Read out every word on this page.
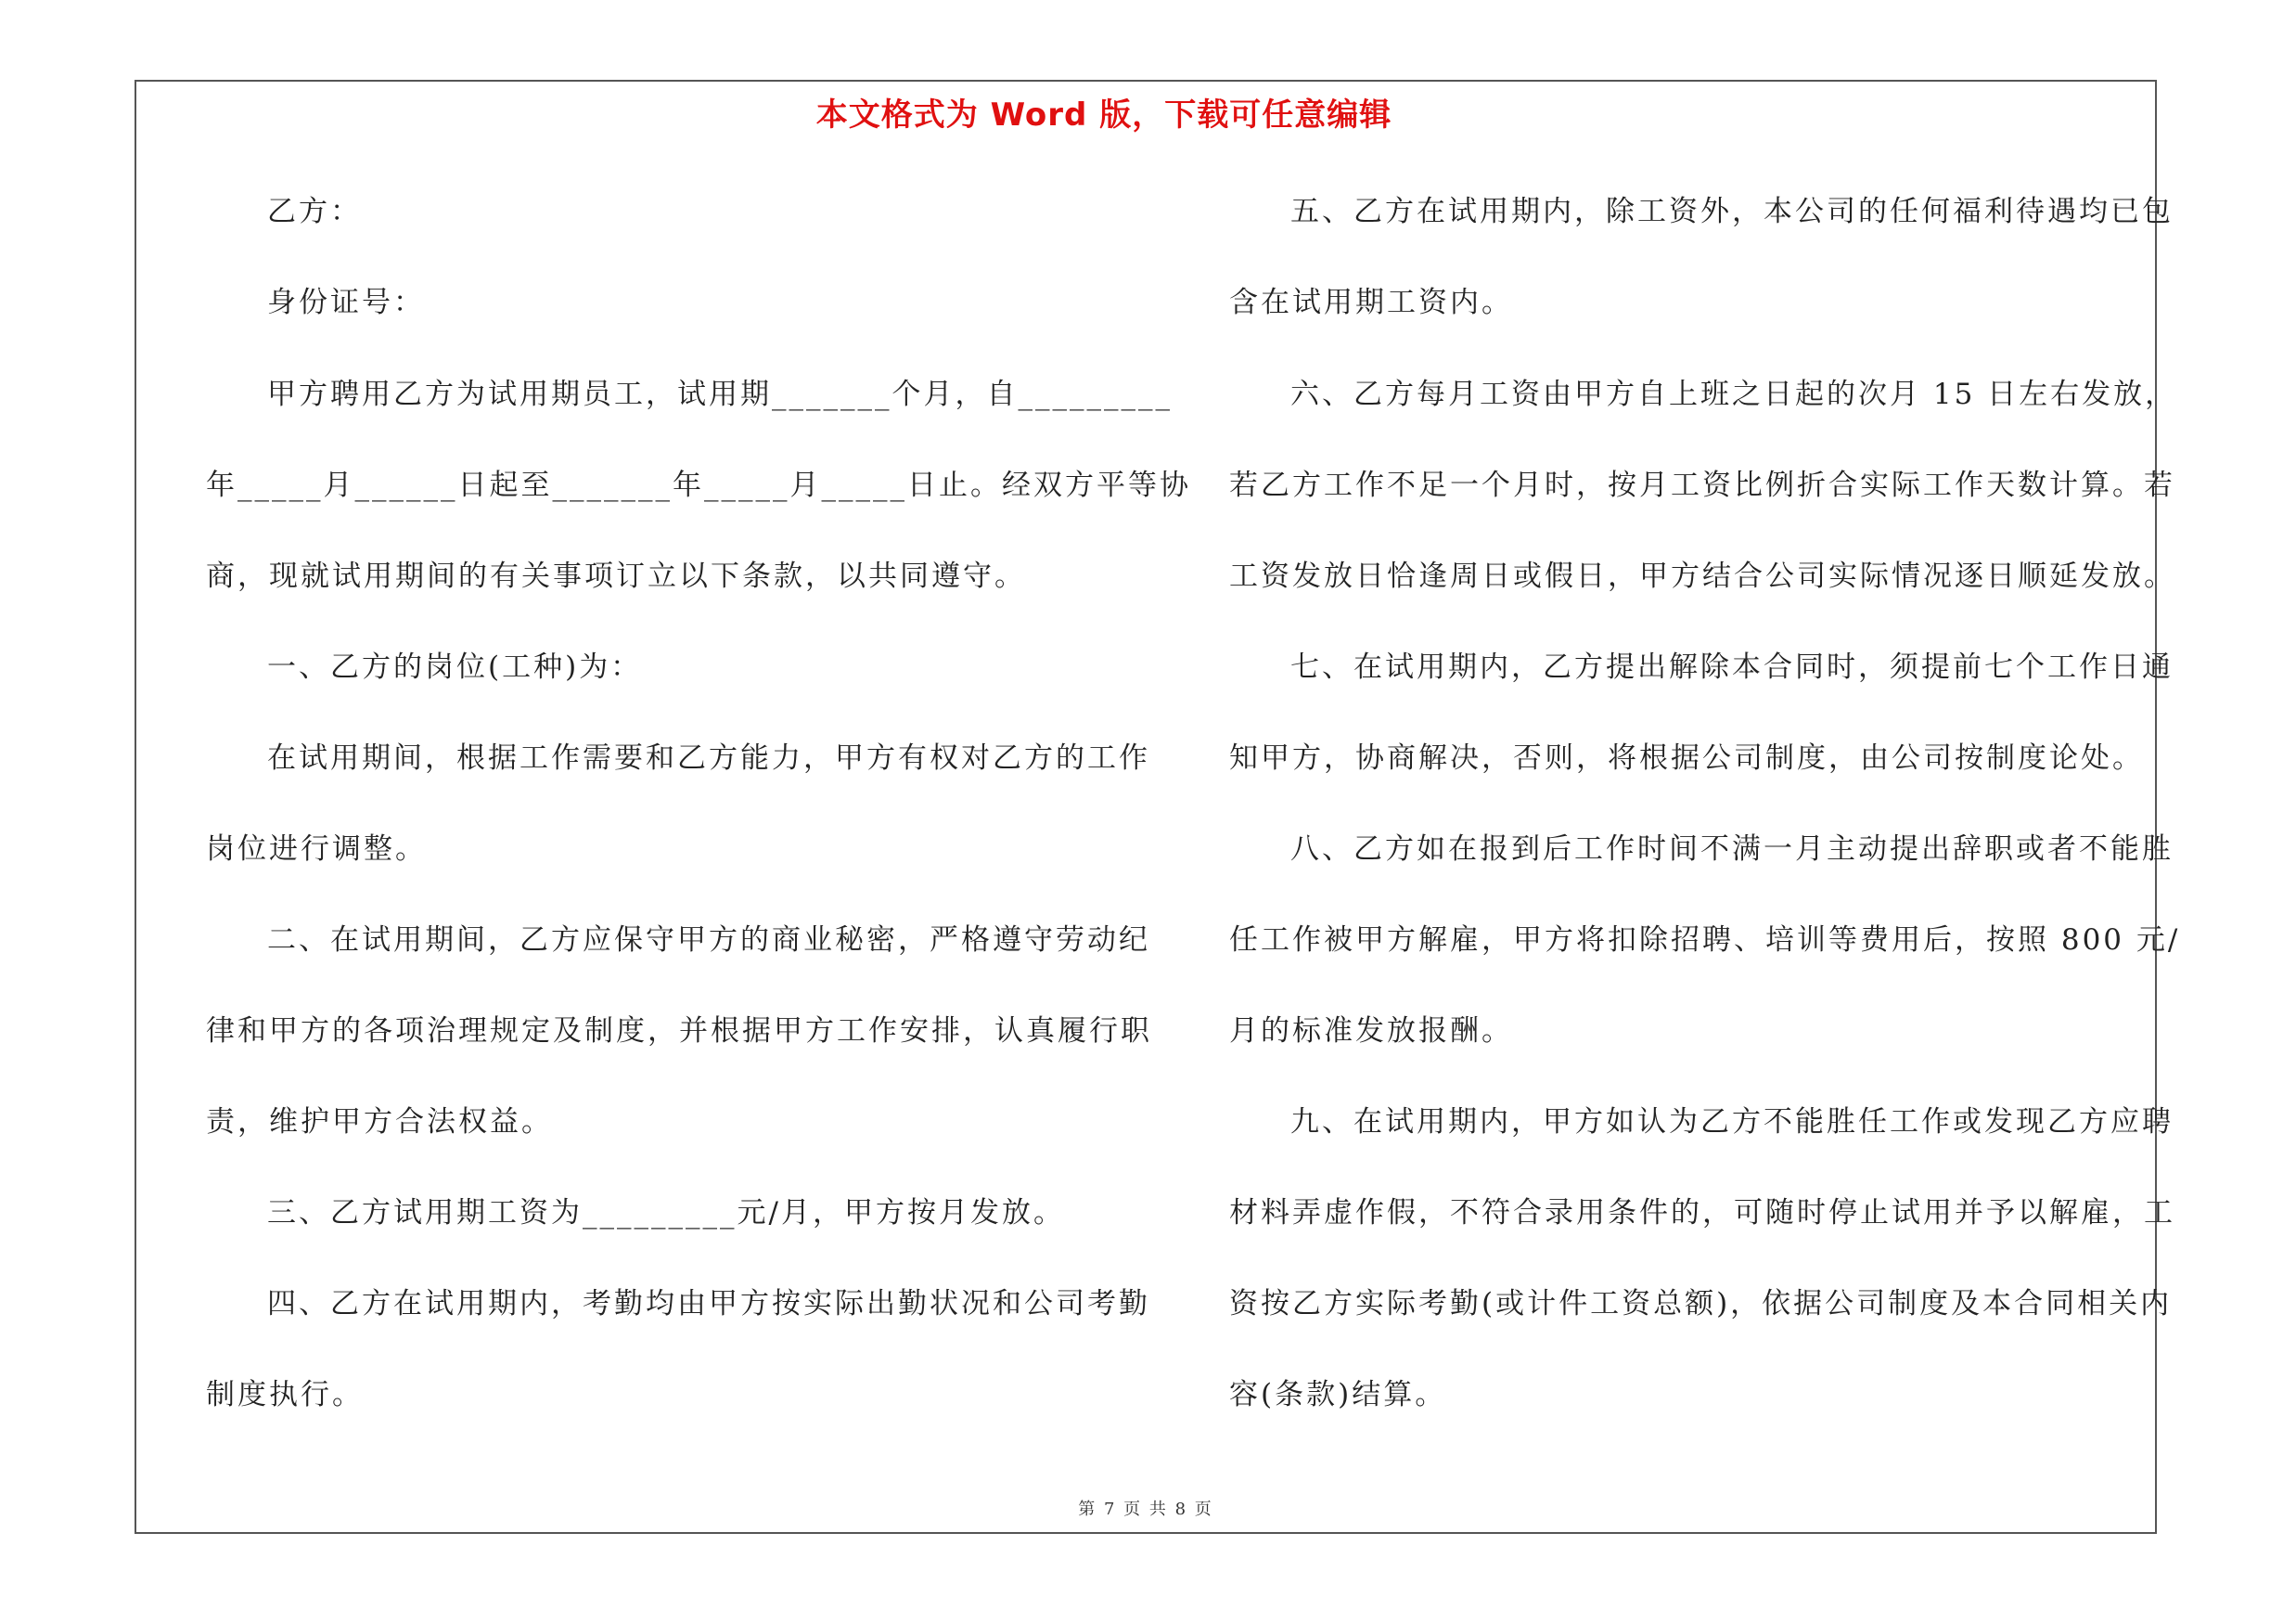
本文格式为 Word 版，下载可任意编辑
乙方：
身份证号：
甲方聘用乙方为试用期员工，试用期_______个月，自_________
年_____月______日起至_______年_____月_____日止。经双方平等协
商，现就试用期间的有关事项订立以下条款，以共同遵守。
一、乙方的岗位(工种)为：
在试用期间，根据工作需要和乙方能力，甲方有权对乙方的工作
岗位进行调整。
二、在试用期间，乙方应保守甲方的商业秘密，严格遵守劳动纪
律和甲方的各项治理规定及制度，并根据甲方工作安排，认真履行职
责，维护甲方合法权益。
三、乙方试用期工资为_________元/月，甲方按月发放。
四、乙方在试用期内，考勤均由甲方按实际出勤状况和公司考勤
制度执行。
五、乙方在试用期内，除工资外，本公司的任何福利待遇均已包
含在试用期工资内。
六、乙方每月工资由甲方自上班之日起的次月 15 日左右发放，
若乙方工作不足一个月时，按月工资比例折合实际工作天数计算。若
工资发放日恰逢周日或假日，甲方结合公司实际情况逐日顺延发放。
七、在试用期内，乙方提出解除本合同时，须提前七个工作日通
知甲方，协商解决，否则，将根据公司制度，由公司按制度论处。
八、乙方如在报到后工作时间不满一月主动提出辞职或者不能胜
任工作被甲方解雇，甲方将扣除招聘、培训等费用后，按照 800 元/
月的标准发放报酬。
九、在试用期内，甲方如认为乙方不能胜任工作或发现乙方应聘
材料弄虚作假，不符合录用条件的，可随时停止试用并予以解雇，工
资按乙方实际考勤(或计件工资总额)，依据公司制度及本合同相关内
容(条款)结算。
第 7 页 共 8 页
